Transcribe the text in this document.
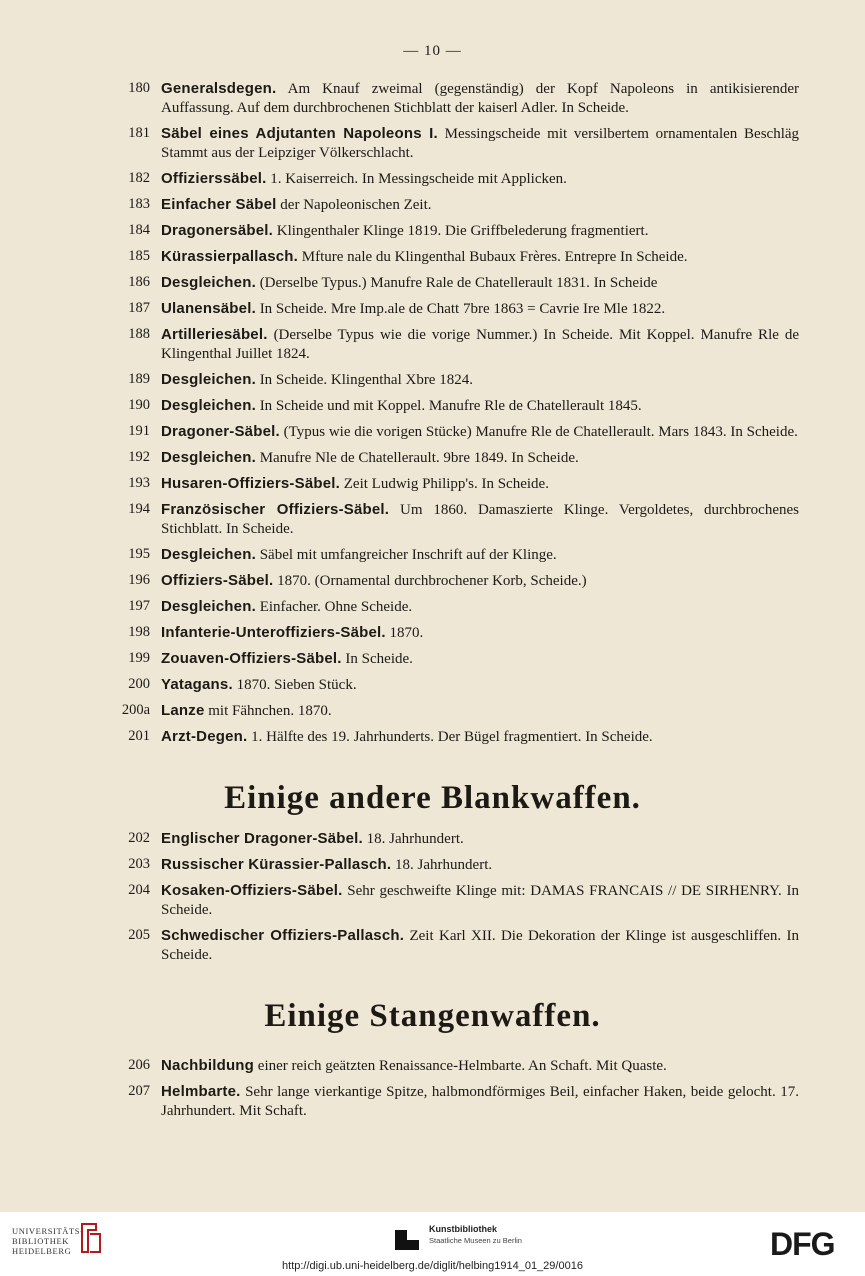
— 10 —
180 Generalsdegen. Am Knauf zweimal (gegenständig) der Kopf Napoleons in antikisierender Auffassung. Auf dem durchbrochenen Stichblatt der kaiserl Adler. In Scheide.
181 Säbel eines Adjutanten Napoleons I. Messingscheide mit versilbertem ornamentalen Beschläg Stammt aus der Leipziger Völkerschlacht.
182 Offizierssäbel. 1. Kaiserreich. In Messingscheide mit Applicken.
183 Einfacher Säbel der Napoleonischen Zeit.
184 Dragonersäbel. Klingenthaler Klinge 1819. Die Griffbelederung fragmentiert.
185 Kürassierpallasch. Mfture nale du Klingenthal Bubaux Frères. Entrepre In Scheide.
186 Desgleichen. (Derselbe Typus.) Manufre Rale de Chatellerault 1831. In Scheide
187 Ulanensäbel. In Scheide. Mre Imp.ale de Chatt 7bre 1863 = Cavrie Ire Mle 1822.
188 Artilleriesäbel. (Derselbe Typus wie die vorige Nummer.) In Scheide. Mit Koppel. Manufre Rle de Klingenthal Juillet 1824.
189 Desgleichen. In Scheide. Klingenthal Xbre 1824.
190 Desgleichen. In Scheide und mit Koppel. Manufre Rle de Chatellerault 1845.
191 Dragoner-Säbel. (Typus wie die vorigen Stücke) Manufre Rle de Chatellerault. Mars 1843. In Scheide.
192 Desgleichen. Manufre Nle de Chatellerault. 9bre 1849. In Scheide.
193 Husaren-Offiziers-Säbel. Zeit Ludwig Philipp's. In Scheide.
194 Französischer Offiziers-Säbel. Um 1860. Damaszierte Klinge. Vergoldetes, durchbrochenes Stichblatt. In Scheide.
195 Desgleichen. Säbel mit umfangreicher Inschrift auf der Klinge.
196 Offiziers-Säbel. 1870. (Ornamental durchbrochener Korb, Scheide.)
197 Desgleichen. Einfacher. Ohne Scheide.
198 Infanterie-Unteroffiziers-Säbel. 1870.
199 Zouaven-Offiziers-Säbel. In Scheide.
200 Yatagans. 1870. Sieben Stück.
200a Lanze mit Fähnchen. 1870.
201 Arzt-Degen. 1. Hälfte des 19. Jahrhunderts. Der Bügel fragmentiert. In Scheide.
Einige andere Blankwaffen.
202 Englischer Dragoner-Säbel. 18. Jahrhundert.
203 Russischer Kürassier-Pallasch. 18. Jahrhundert.
204 Kosaken-Offiziers-Säbel. Sehr geschweifte Klinge mit: DAMAS FRANCAIS // DE SIRHENRY. In Scheide.
205 Schwedischer Offiziers-Pallasch. Zeit Karl XII. Die Dekoration der Klinge ist ausgeschliffen. In Scheide.
Einige Stangenwaffen.
206 Nachbildung einer reich geätzten Renaissance-Helmbarte. An Schaft. Mit Quaste.
207 Helmbarte. Sehr lange vierkantige Spitze, halbmondförmiges Beil, einfacher Haken, beide gelocht. 17. Jahrhundert. Mit Schaft.
UNIVERSITÄTS-
BIBLIOTHEK
HEIDELBERG
Kunstbibliothek
Staatliche Museen zu Berlin	DFG
http://digi.ub.uni-heidelberg.de/diglit/helbing1914_01_29/0016
